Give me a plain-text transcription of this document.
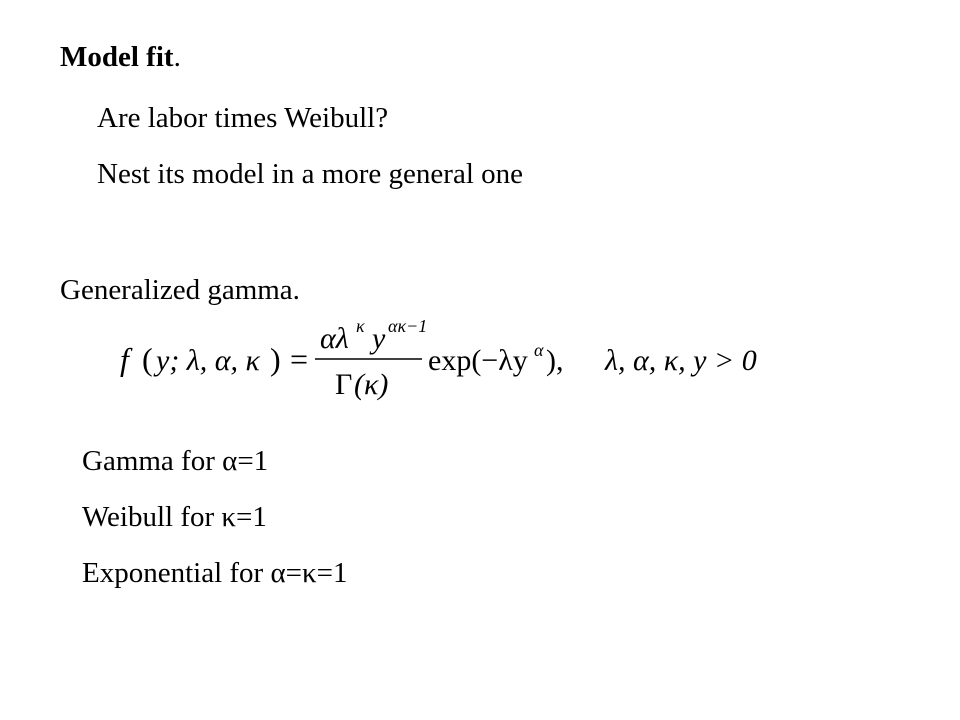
Model fit.
Are labor times Weibull?
Nest its model in a more general one
Generalized gamma.
f ( y; λ, α, κ ) =
αλ κ y ακ−1
Γ (κ)
exp(−λy α ), λ, α, κ, y > 0
Gamma for α=1
Weibull for κ=1
Exponential for α=κ=1
